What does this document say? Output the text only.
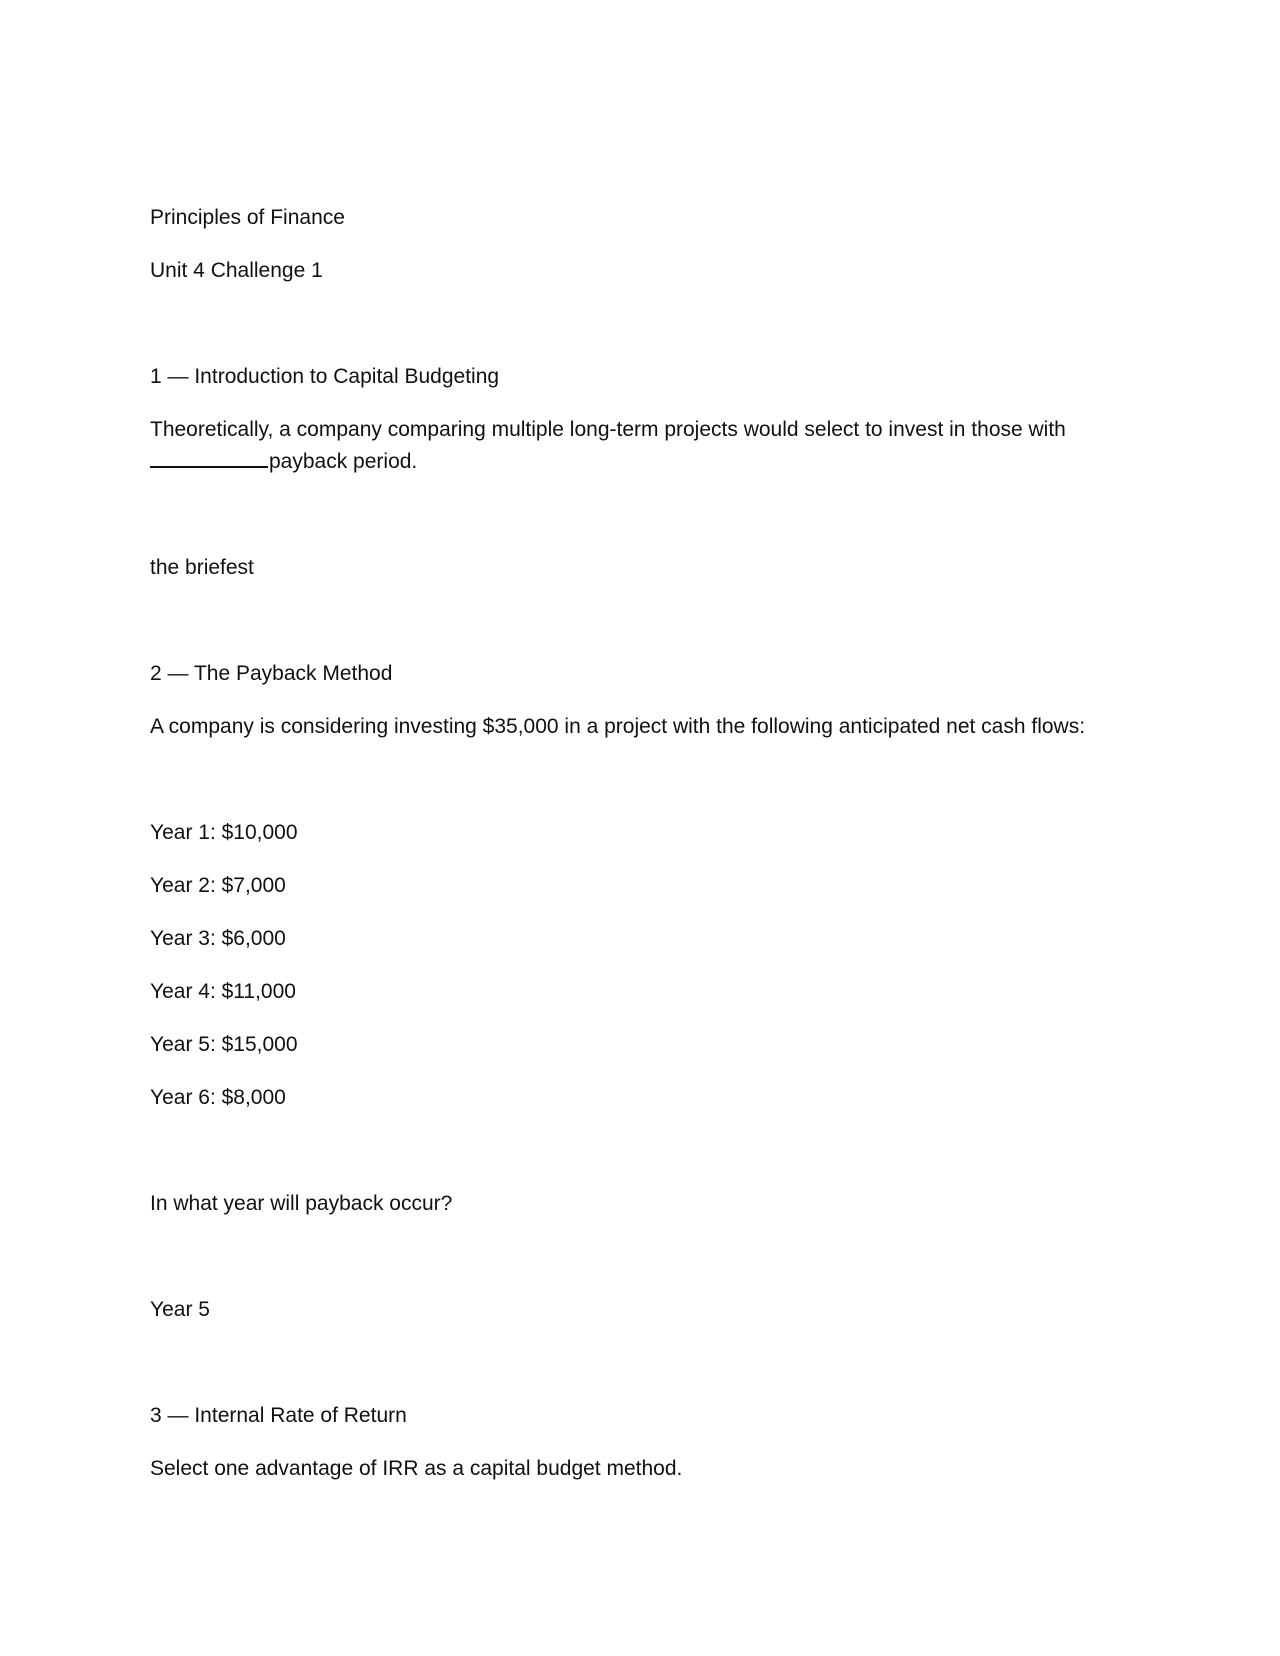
Principles of Finance

Unit 4 Challenge 1

1 — Introduction to Capital Budgeting

Theoretically, a company comparing multiple long-term projects would select to invest in those with

payback period.

the briefest

2 — The Payback Method

A company is considering investing $35,000 in a project with the following anticipated net cash flows:

Year 1: $10,000

Year 2: $7,000

Year 3: $6,000

Year 4: $11,000

Year 5: $15,000

Year 6: $8,000

In what year will payback occur?

Year 5

3 — Internal Rate of Return

Select one advantage of IRR as a capital budget method.
